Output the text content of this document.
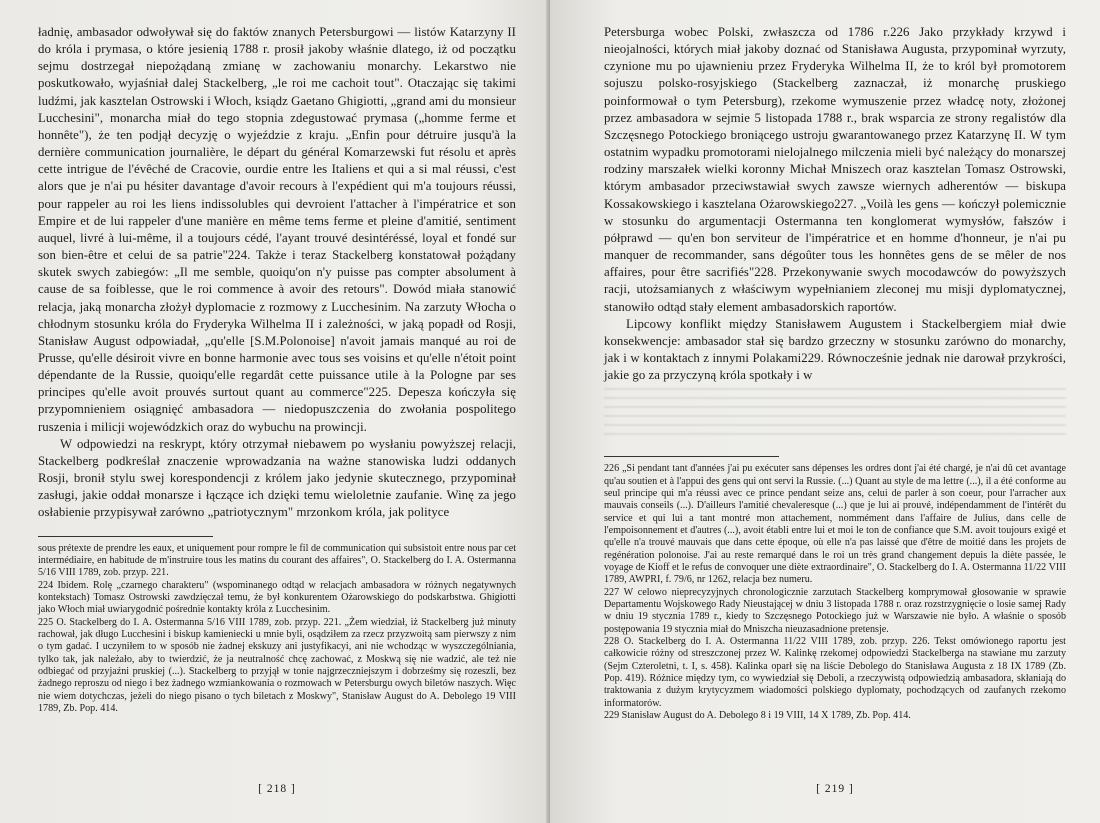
ładnię, ambasador odwoływał się do faktów znanych Petersburgowi — listów Katarzyny II do króla i prymasa, o które jesienią 1788 r. prosił jakoby właśnie dlatego, iż od początku sejmu dostrzegał niepożądaną zmianę w zachowaniu monarchy. Lekarstwo nie poskutkowało, wyjaśniał dalej Stackelberg, „le roi me cachoit tout". Otaczając się takimi ludźmi, jak kasztelan Ostrowski i Włoch, ksiądz Gaetano Ghigiotti, „grand ami du monsieur Lucchesini", monarcha miał do tego stopnia zdegustować prymasa („homme ferme et honnête"), że ten podjął decyzję o wyjeździe z kraju. „Enfin pour détruire jusqu'à la dernière communication journalière, le départ du général Komarzewski fut résolu et après cette intrigue de l'évêché de Cracovie, ourdie entre les Italiens et qui a si mal réussi, c'est alors que je n'ai pu hésiter davantage d'avoir recours à l'expédient qui m'a toujours réussi, pour rappeler au roi les liens indissolubles qui devroient l'attacher à l'impératrice et son Empire et de lui rappeler d'une manière en même tems ferme et pleine d'amitié, sentiment auquel, livré à lui-même, il a toujours cédé, l'ayant trouvé desintéréssé, loyal et fondé sur son bien-être et celui de sa patrie"224. Także i teraz Stackelberg konstatował pożądany skutek swych zabiegów: „Il me semble, quoiqu'on n'y puisse pas compter absolument à cause de sa foiblesse, que le roi commence à avoir des retours". Dowód miała stanowić relacja, jaką monarcha złożył dyplomacie z rozmowy z Lucchesinim. Na zarzuty Włocha o chłodnym stosunku króla do Fryderyka Wilhelma II i zależności, w jaką popadł od Rosji, Stanisław August odpowiadał, „qu'elle [S.M.Polonoise] n'avoit jamais manqué au roi de Prusse, qu'elle désiroit vivre en bonne harmonie avec tous ses voisins et qu'elle n'étoit point dépendante de la Russie, quoiqu'elle regardât cette puissance utile à la Pologne par ses principes qu'elle avoit prouvés surtout quant au commerce"225. Depesza kończyła się przypomnieniem osiągnięć ambasadora — niedopuszczenia do zwołania pospolitego ruszenia i milicji wojewódzkich oraz do wybuchu na prowincji.

W odpowiedzi na reskrypt, który otrzymał niebawem po wysłaniu powyższej relacji, Stackelberg podkreślał znaczenie wprowadzania na ważne stanowiska ludzi oddanych Rosji, bronił stylu swej korespondencji z królem jako jedynie skutecznego, przypominał zasługi, jakie oddał monarsze i łączące ich dzięki temu wieloletnie zaufanie. Winę za jego osłabienie przypisywał zarówno „patriotycznym" mrzonkom króla, jak polityce

sous prétexte de prendre les eaux, et uniquement pour rompre le fil de communication qui subsistoit entre nous par cet intermédiaire, en habitude de m'instruire tous les matins du courant des affaires", O. Stackelberg do I. A. Ostermanna 5/16 VIII 1789, zob. przyp. 221.

224 Ibidem. Rolę „czarnego charakteru" (wspominanego odtąd w relacjach ambasadora w różnych negatywnych kontekstach) Tomasz Ostrowski zawdzięczał temu, że był konkurentem Ożarowskiego do podskarbstwa. Ghigiotti jako Włoch miał uwiarygodnić pośrednie kontakty króla z Lucchesinim.

225 O. Stackelberg do I. A. Ostermanna 5/16 VIII 1789, zob. przyp. 221. „Żem wiedział, iż Stackelberg już minuty rachował, jak długo Lucchesini i biskup kamieniecki u mnie byli, osądziłem za rzecz przyzwoitą sam pierwszy z nim o tym gadać. I uczyniłem to w sposób nie żadnej ekskuzy ani justyfikacyi, ani nie wchodząc w wyszczególniania, tylko tak, jak należało, aby to twierdzić, że ja neutralność chcę zachować, z Moskwą się nie wadzić, ale też nie odbiegać od przyjaźni pruskiej (...). Stackelberg to przyjął w tonie najgrzeczniejszym i dobrześmy się rozeszli, bez żadnego reproszu od niego i bez żadnego wzmiankowania o rozmowach w Petersburgu owych biletów naszych. Więc nie wiem dotychczas, jeżeli do niego pisano o tych biletach z Moskwy", Stanisław August do A. Debolego 19 VIII 1789, Zb. Pop. 414.

[ 218 ]

Petersburga wobec Polski, zwłaszcza od 1786 r.226 Jako przykłady krzywd i nieojalności, których miał jakoby doznać od Stanisława Augusta, przypominał wyrzuty, czynione mu po ujawnieniu przez Fryderyka Wilhelma II, że to król był promotorem sojuszu polsko-rosyjskiego (Stackelberg zaznaczał, iż monarchę pruskiego poinformował o tym Petersburg), rzekome wymuszenie przez władcę noty, złożonej przez ambasadora w sejmie 5 listopada 1788 r., brak wsparcia ze strony regalistów dla Szczęsnego Potockiego broniącego ustroju gwarantowanego przez Katarzynę II. W tym ostatnim wypadku promotorami nielojalnego milczenia mieli być należący do monarszej rodziny marszałek wielki koronny Michał Mniszech oraz kasztelan Tomasz Ostrowski, którym ambasador przeciwstawiał swych zawsze wiernych adherentów — biskupa Kossakowskiego i kasztelana Ożarowskiego227. „Voilà les gens — kończył polemicznie w stosunku do argumentacji Ostermanna ten konglomerat wymysłów, fałszów i półprawd — qu'en bon serviteur de l'impératrice et en homme d'honneur, je n'ai pu manquer de recommander, sans dégoûter tous les honnêtes gens de se mêler de nos affaires, pour être sacrifiés"228. Przekonywanie swych mocodawców do powyższych racji, utożsamianych z właściwym wypełnianiem zleconej mu misji dyplomatycznej, stanowiło odtąd stały element ambasadorskich raportów.

Lipcowy konflikt między Stanisławem Augustem i Stackelbergiem miał dwie konsekwencje: ambasador stał się bardzo grzeczny w stosunku zarówno do monarchy, jak i w kontaktach z innymi Polakami229. Równocześnie jednak nie darował przykrości, jakie go za przyczyną króla spotkały i w

226 „Si pendant tant d'années j'ai pu exécuter sans dépenses les ordres dont j'ai été chargé, je n'ai dû cet avantage qu'au soutien et à l'appui des gens qui ont servi la Russie. (...) Quant au style de ma lettre (...), il a été conforme au seul principe qui m'a réussi avec ce prince pendant seize ans, celui de parler à son coeur, pour l'arracher aux mauvais conseils (...). D'ailleurs l'amitié chevaleresque (...) que je lui ai prouvé, indépendamment de l'intérêt du service et qui lui a tant montré mon attachement, nommément dans l'affaire de Julius, dans celle de l'empoisonnement et d'autres (...), avoit établi entre lui et moi le ton de confiance que S.M. avoit toujours exigé et qu'elle n'a trouvé mauvais que dans cette époque, où elle n'a pas laissé que d'être de moitié dans les projets de regénération polonoise. J'ai au reste remarqué dans le roi un très grand changement depuis la diète passée, le voyage de Kioff et le refus de convoquer une diète extraordinaire", O. Stackelberg do I. A. Ostermanna 11/22 VIII 1789, AWPRI, f. 79/6, nr 1262, relacja bez numeru.

227 W celowo nieprecyzyjnych chronologicznie zarzutach Stackelberg komprymował głosowanie w sprawie Departamentu Wojskowego Rady Nieustającej w dniu 3 listopada 1788 r. oraz rozstrzygnięcie o losie samej Rady w dniu 19 stycznia 1789 r., kiedy to Szczęsnego Potockiego już w Warszawie nie było. A właśnie o sposób postępowania 19 stycznia miał do Mniszcha nieuzasadnione pretensje.

228 O. Stackelberg do I. A. Ostermanna 11/22 VIII 1789, zob. przyp. 226. Tekst omówionego raportu jest całkowicie różny od streszczonej przez W. Kalinkę rzekomej odpowiedzi Stackelberga na stawiane mu zarzuty (Sejm Czteroletni, t. I, s. 458). Kalinka oparł się na liście Debolego do Stanisława Augusta z 18 IX 1789 (Zb. Pop. 419). Różnice między tym, co wywiedział się Deboli, a rzeczywistą odpowiedzią ambasadora, skłaniają do traktowania z dużym krytycyzmem wiadomości polskiego dyplomaty, pochodzących od zaufanych rzekomo informatorów.

229 Stanisław August do A. Debolego 8 i 19 VIII, 14 X 1789, Zb. Pop. 414.

[ 219 ]
